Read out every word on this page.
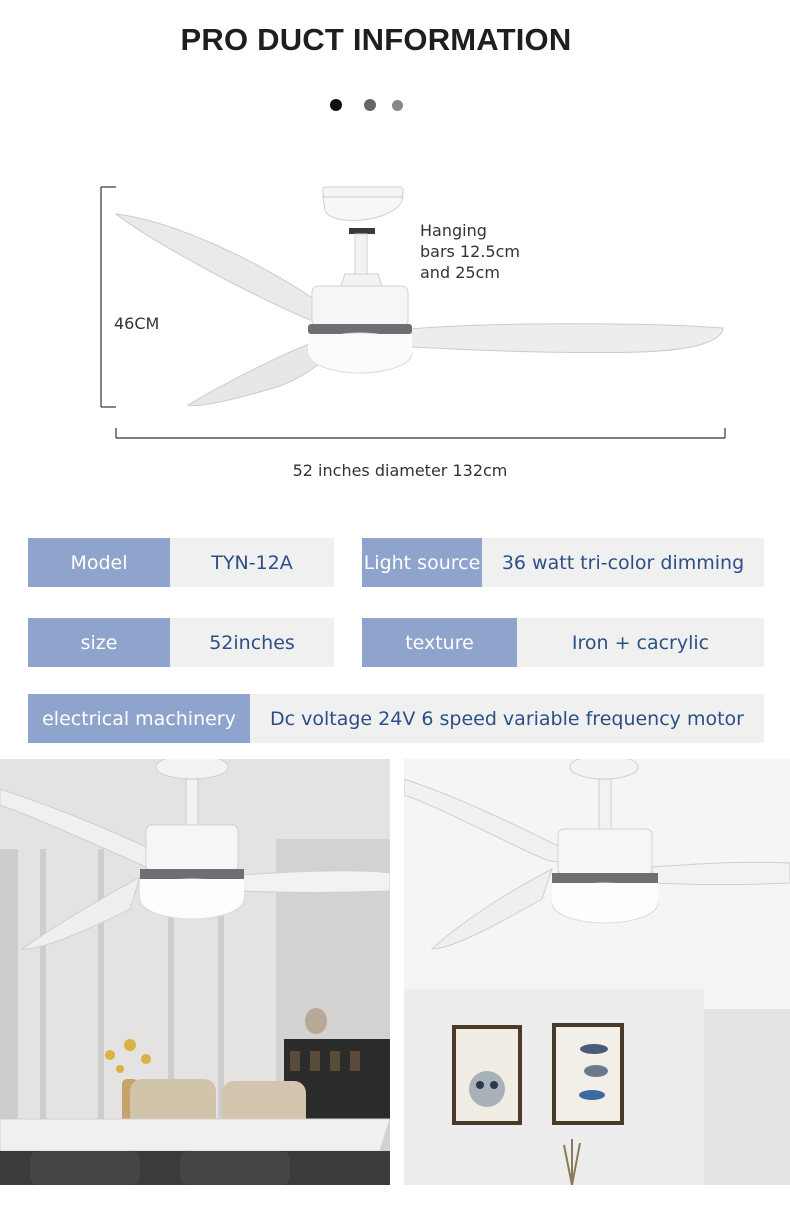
PRO DUCT INFORMATION
46CM
Hanging
bars 12.5cm
and 25cm
52 inches diameter 132cm
Model	TYN-12A	Light source	36 watt tri-color dimming
size	52inches	texture	Iron + cacrylic
electrical machinery	Dc voltage 24V 6 speed variable frequency motor
